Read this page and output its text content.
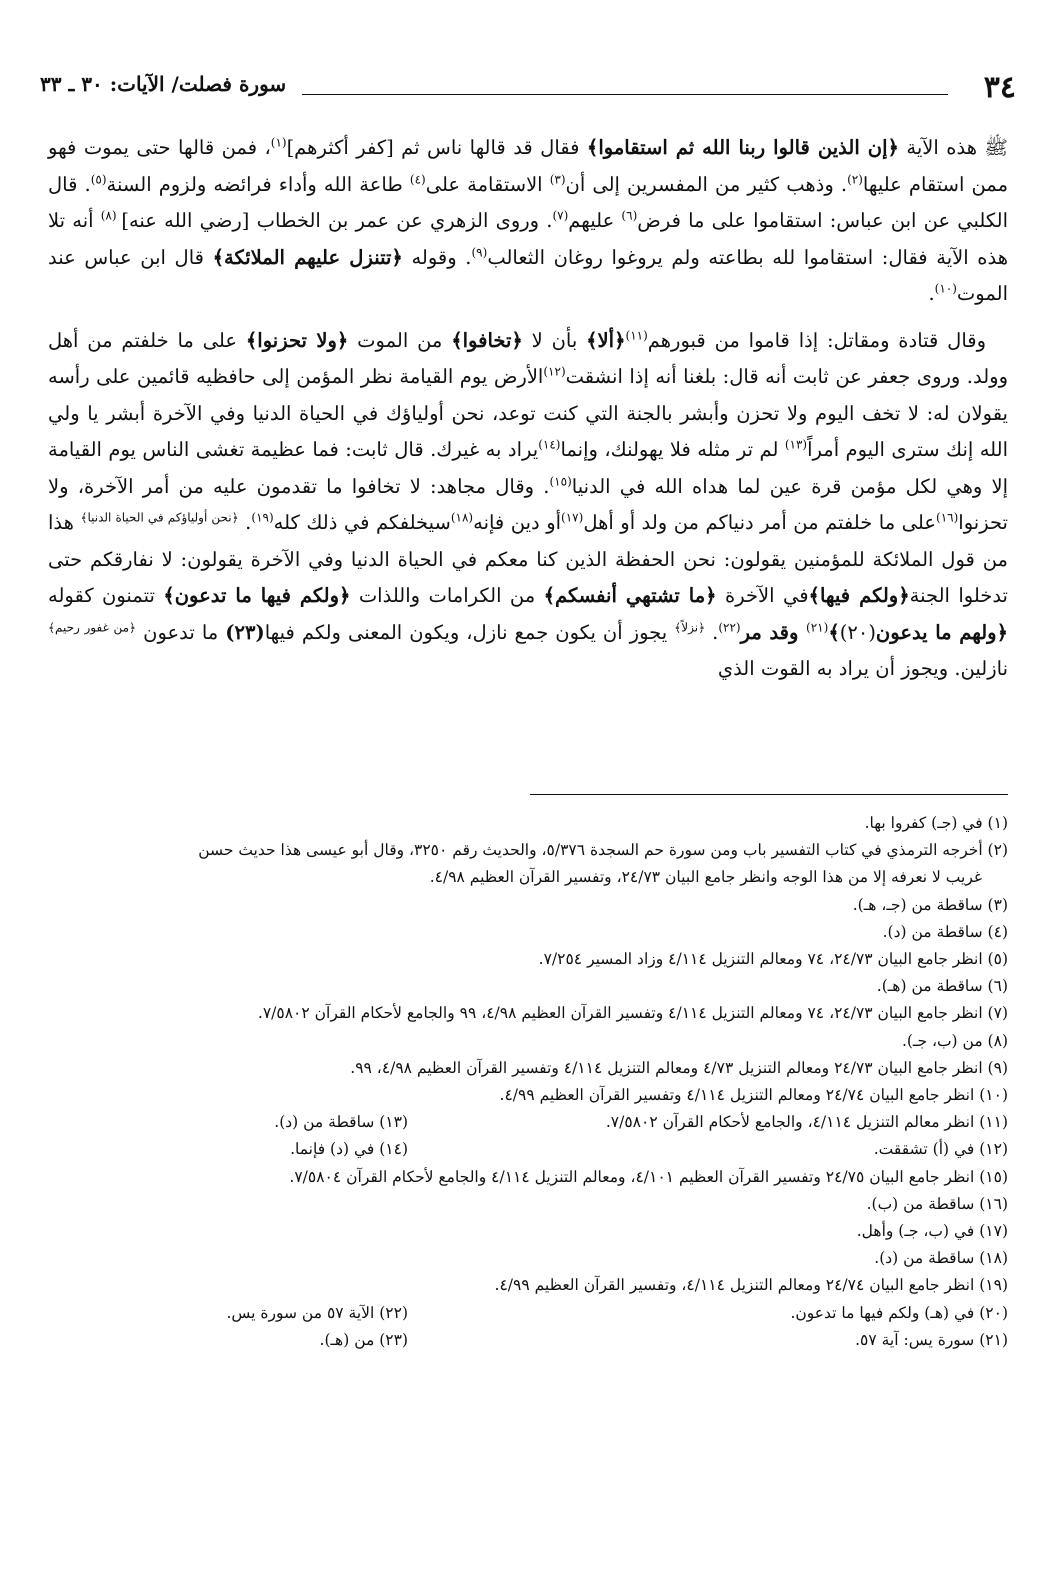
٣٤
سورة فصلت/ الآيات: ٣٠ ـ ٣٣

ﷺ هذه الآية ﴿إن الذين قالوا ربنا الله ثم استقاموا﴾ فقال قد قالها ناس ثم [كفر أكثرهم]$^{(١)}$، فمن قالها حتى يموت فهو ممن استقام عليها$^{(٢)}$. وذهب كثير من المفسرين إلى أن$^{(٣)}$ الاستقامة على$^{(٤)}$ طاعة الله وأداء فرائضه ولزوم السنة$^{(٥)}$. قال الكلبي عن ابن عباس: استقاموا على ما فرض$^{(٦)}$ عليهم$^{(٧)}$. وروى الزهري عن عمر بن الخطاب [رضي الله عنه] $^{(٨)}$ أنه تلا هذه الآية فقال: استقاموا لله بطاعته ولم يروغوا روغان الثعالب$^{(٩)}$. وقوله ﴿تتنزل عليهم الملائكة﴾ قال ابن عباس عند الموت$^{(١٠)}$.

وقال قتادة ومقاتل: إذا قاموا من قبورهم$^{(١١)}$﴿ألا﴾ بأن لا ﴿تخافوا﴾ من الموت ﴿ولا تحزنوا﴾ على ما خلفتم من أهل وولد. وروى جعفر عن ثابت أنه قال: بلغنا أنه إذا انشقت$^{(١٢)}$الأرض يوم القيامة نظر المؤمن إلى حافظيه قائمين على رأسه يقولان له: لا تخف اليوم ولا تحزن وأبشر بالجنة التي كنت توعد، نحن أولياؤك في الحياة الدنيا وفي الآخرة أبشر يا ولي الله إنك سترى اليوم أمراً$^{(١٣)}$ لم تر مثله فلا يهولنك، وإنما$^{(١٤)}$يراد به غيرك. قال ثابت: فما عظيمة تغشى الناس يوم القيامة إلا وهي لكل مؤمن قرة عين لما هداه الله في الدنيا$^{(١٥)}$. وقال مجاهد: لا تخافوا ما تقدمون عليه من أمر الآخرة، ولا تحزنوا$^{(١٦)}$على ما خلفتم من أمر دنياكم من ولد أو أهل$^{(١٧)}$أو دين فإنه$^{(١٨)}$سيخلفكم في ذلك كله$^{(١٩)}$. $^{﴿نحن أولياؤكم في الحياة الدنيا﴾}$ هذا من قول الملائكة للمؤمنين يقولون: نحن الحفظة الذين كنا معكم في الحياة الدنيا وفي الآخرة يقولون: لا نفارقكم حتى تدخلوا الجنة﴿ولكم فيها﴾في الآخرة ﴿ما تشتهي أنفسكم﴾ من الكرامات واللذات ﴿ولكم فيها ما تدعون﴾ تتمنون كقوله ﴿ولهم ما يدعون(٢٠)﴾$^{(٢١)}$ وقد مر$^{(٢٢)}$. $^{﴿نزلاً﴾}$ يجوز أن يكون جمع نازل، ويكون المعنى ولكم فيها(٢٣) ما تدعون $^{﴿من غفور رحيم﴾}$ نازلين. ويجوز أن يراد به القوت الذي

(١) في (جـ) كفروا بها.

(٢) أخرجه الترمذي في كتاب التفسير باب ومن سورة حم السجدة ٥/٣٧٦، والحديث رقم ٣٢٥٠، وقال أبو عيسى هذا حديث حسن

غريب لا نعرفه إلا من هذا الوجه وانظر جامع البيان ٢٤/٧٣، وتفسير القرآن العظيم ٤/٩٨.

(٣) ساقطة من (جـ، هـ).

(٤) ساقطة من (د).

(٥) انظر جامع البيان ٢٤/٧٣، ٧٤ ومعالم التنزيل ٤/١١٤ وزاد المسير ٧/٢٥٤.

(٦) ساقطة من (هـ).

(٧) انظر جامع البيان ٢٤/٧٣، ٧٤ ومعالم التنزيل ٤/١١٤ وتفسير القرآن العظيم ٤/٩٨، ٩٩ والجامع لأحكام القرآن ٧/٥٨٠٢.

(٨) من (ب، جـ).

(٩) انظر جامع البيان ٢٤/٧٣ ومعالم التنزيل ٤/٧٣ ومعالم التنزيل ٤/١١٤ وتفسير القرآن العظيم ٤/٩٨، ٩٩.

(١٠) انظر جامع البيان ٢٤/٧٤ ومعالم التنزيل ٤/١١٤ وتفسير القرآن العظيم ٤/٩٩.

(١١) انظر معالم التنزيل ٤/١١٤، والجامع لأحكام القرآن ٧/٥٨٠٢.

(١٣) ساقطة من (د).

(١٢) في (أ) تشققت.

(١٤) في (د) فإنما.

(١٥) انظر جامع البيان ٢٤/٧٥ وتفسير القرآن العظيم ٤/١٠١، ومعالم التنزيل ٤/١١٤ والجامع لأحكام القرآن ٧/٥٨٠٤.

(١٦) ساقطة من (ب).

(١٧) في (ب، جـ) وأهل.

(١٨) ساقطة من (د).

(١٩) انظر جامع البيان ٢٤/٧٤ ومعالم التنزيل ٤/١١٤، وتفسير القرآن العظيم ٤/٩٩.

(٢٠) في (هـ) ولكم فيها ما تدعون.

(٢٢) الآية ٥٧ من سورة يس.

(٢١) سورة يس: آية ٥٧.

(٢٣) من (هـ).
